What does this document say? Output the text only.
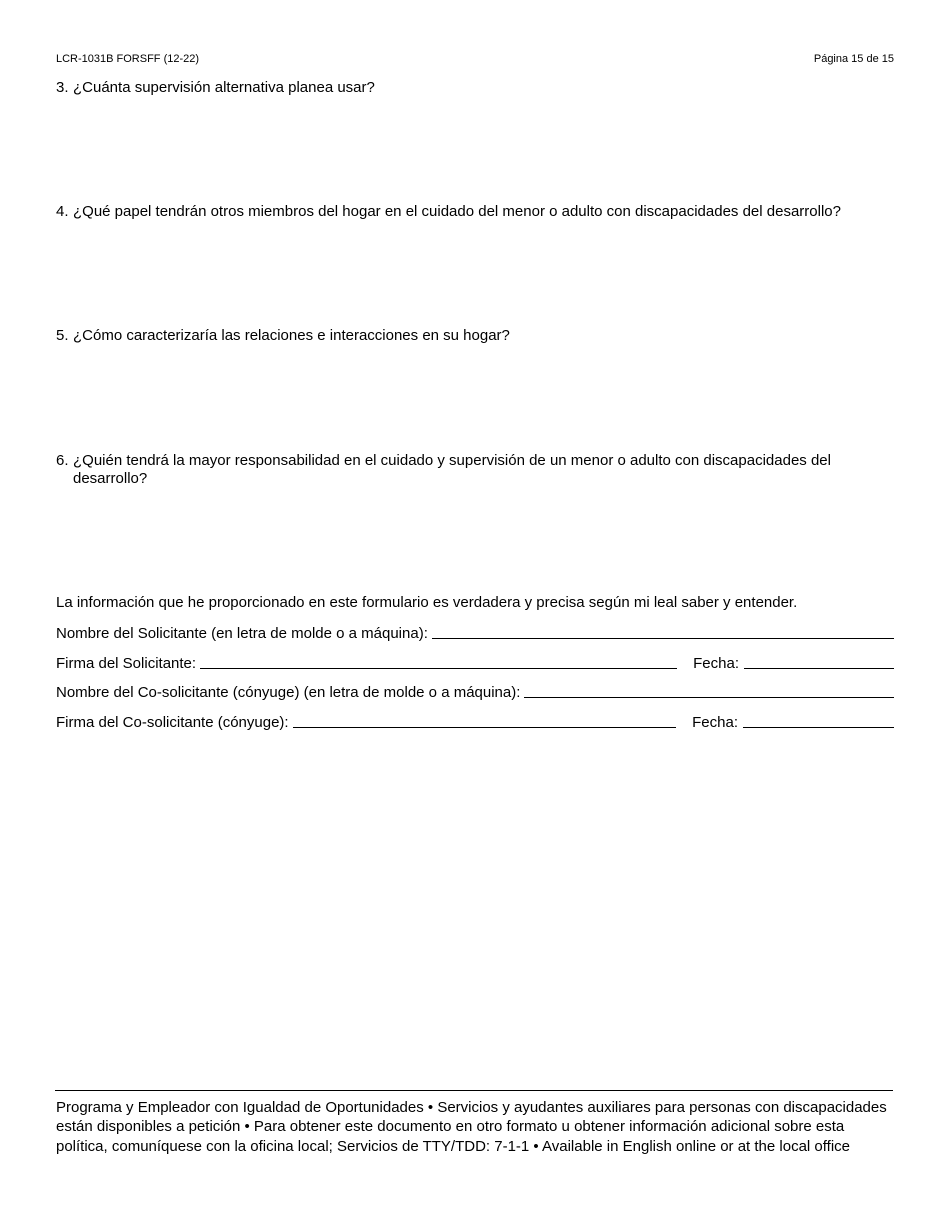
LCR-1031B FORSFF (12-22)	Página 15 de 15
3. ¿Cuánta supervisión alternativa planea usar?
4. ¿Qué papel tendrán otros miembros del hogar en el cuidado del menor o adulto con discapacidades del desarrollo?
5. ¿Cómo caracterizaría las relaciones e interacciones en su hogar?
6. ¿Quién tendrá la mayor responsabilidad en el cuidado y supervisión de un menor o adulto con discapacidades del desarrollo?
La información que he proporcionado en este formulario es verdadera y precisa según mi leal saber y entender.
Nombre del Solicitante (en letra de molde o a máquina):
Firma del Solicitante:	Fecha:
Nombre del Co-solicitante (cónyuge) (en letra de molde o a máquina):
Firma del Co-solicitante (cónyuge):	Fecha:
Programa y Empleador con Igualdad de Oportunidades • Servicios y ayudantes auxiliares para personas con discapacidades están disponibles a petición • Para obtener este documento en otro formato u obtener información adicional sobre esta política, comuníquese con la oficina local; Servicios de TTY/TDD: 7-1-1 • Available in English online or at the local office
